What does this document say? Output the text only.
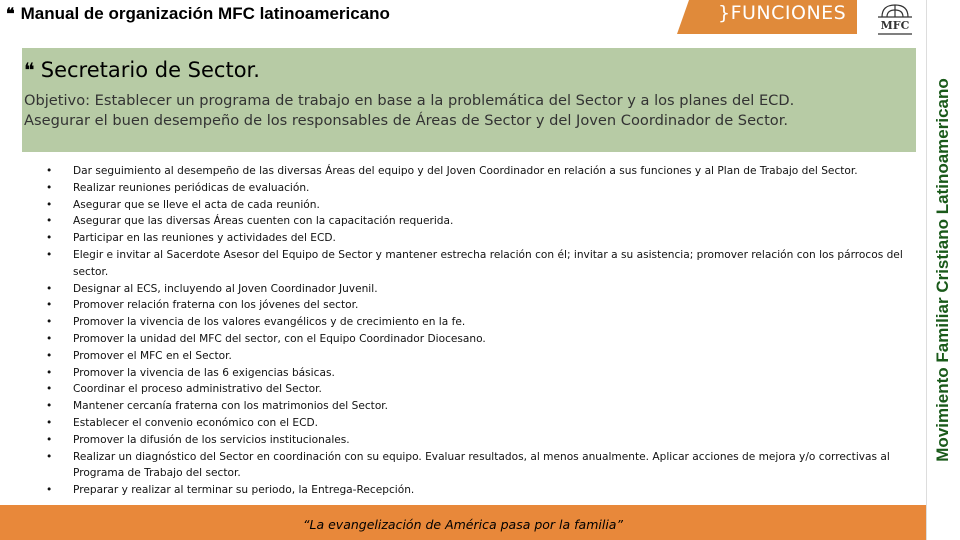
❝ Manual de organización MFC latinoamericano	}FUNCIONES
MFC
Movimiento Familiar Cristiano Latinoamericano
❝ Secretario de Sector.
Objetivo: Establecer un programa de trabajo en base a la problemática del Sector y a los planes del ECD.
Asegurar el buen desempeño de los responsables de Áreas de Sector y del Joven Coordinador de Sector.
• Dar seguimiento al desempeño de las diversas Áreas del equipo y del Joven Coordinador en relación a sus funciones y al Plan de Trabajo del Sector.
• Realizar reuniones periódicas de evaluación.
• Asegurar que se lleve el acta de cada reunión.
• Asegurar que las diversas Áreas cuenten con la capacitación requerida.
• Participar en las reuniones y actividades del ECD.
• Elegir e invitar al Sacerdote Asesor del Equipo de Sector y mantener estrecha relación con él; invitar a su asistencia; promover relación con los párrocos del sector.
• Designar al ECS, incluyendo al Joven Coordinador Juvenil.
• Promover relación fraterna con los jóvenes del sector.
• Promover la vivencia de los valores evangélicos y de crecimiento en la fe.
• Promover la unidad del MFC del sector, con el Equipo Coordinador Diocesano.
• Promover el MFC en el Sector.
• Promover la vivencia de las 6 exigencias básicas.
• Coordinar el proceso administrativo del Sector.
• Mantener cercanía fraterna con los matrimonios del Sector.
• Establecer el convenio económico con el ECD.
• Promover la difusión de los servicios institucionales.
• Realizar un diagnóstico del Sector en coordinación con su equipo. Evaluar resultados, al menos anualmente. Aplicar acciones de mejora y/o correctivas al Programa de Trabajo del sector.
• Preparar y realizar al terminar su periodo, la Entrega-Recepción.
“La evangelización de América pasa por la familia”
